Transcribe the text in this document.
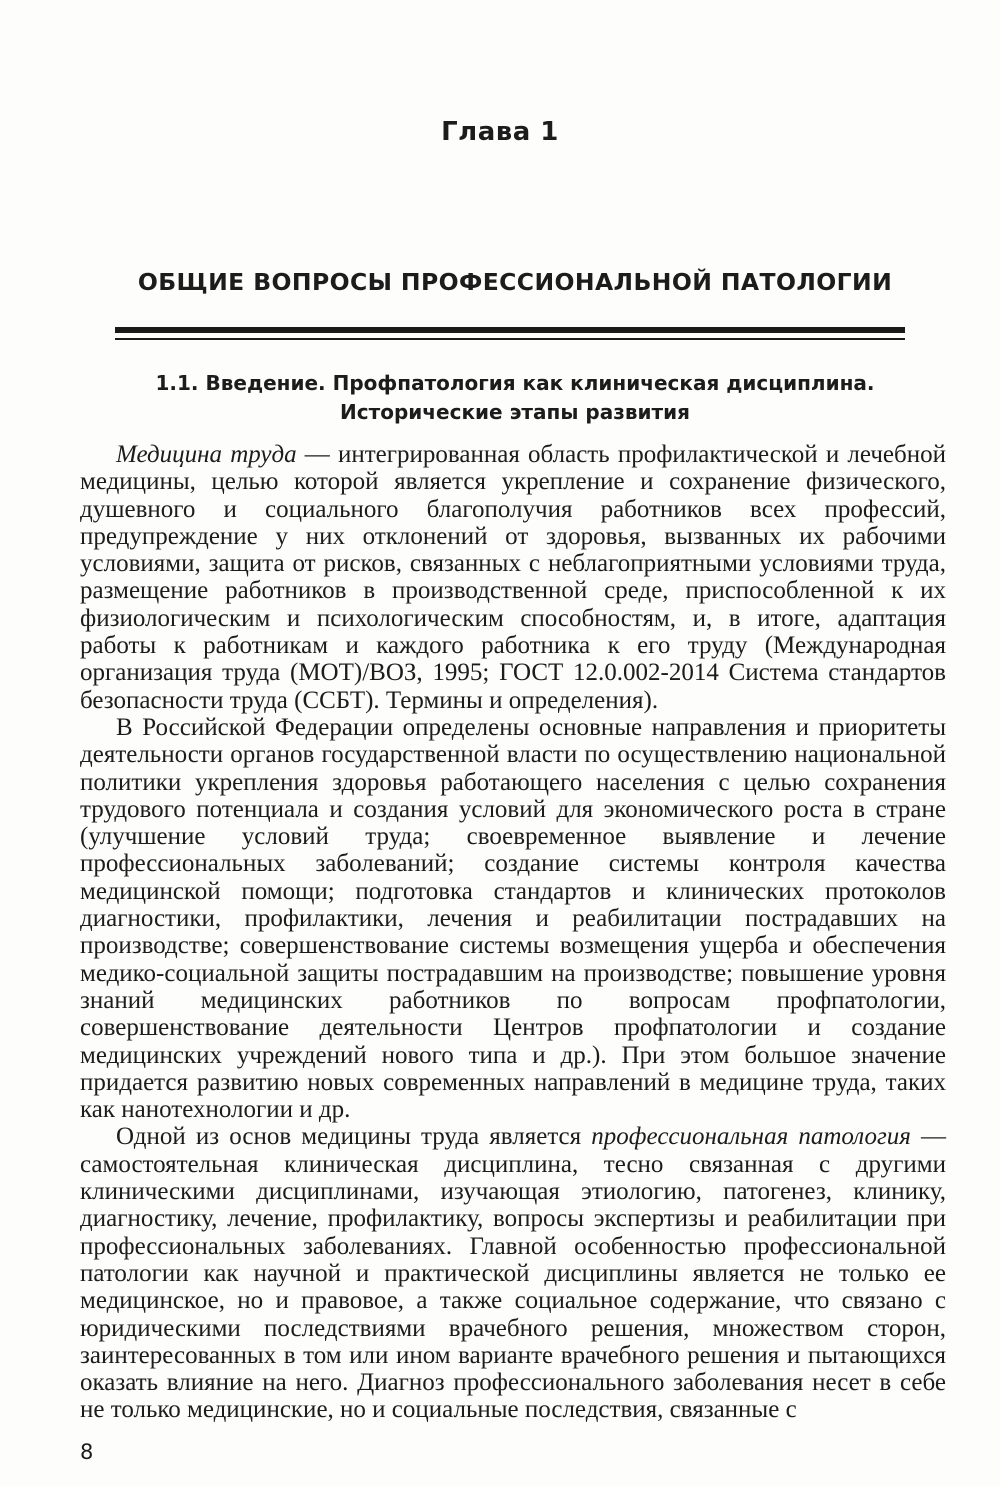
Глава 1
ОБЩИЕ ВОПРОСЫ ПРОФЕССИОНАЛЬНОЙ ПАТОЛОГИИ
1.1. Введение. Профпатология как клиническая дисциплина.
Исторические этапы развития

Медицина труда — интегрированная область профилактической и лечебной медицины, целью которой является укрепление и сохранение физического, душевного и социального благополучия работников всех профессий, предупреждение у них отклонений от здоровья, вызванных их рабочими условиями, защита от рисков, связанных с неблагоприятными условиями труда, размещение работников в производственной среде, приспособленной к их физиологическим и психологическим способностям, и, в итоге, адаптация работы к работникам и каждого работника к его труду (Международная организация труда (МОТ)/ВОЗ, 1995; ГОСТ 12.0.002-2014 Система стандартов безопасности труда (ССБТ). Термины и определения).

В Российской Федерации определены основные направления и приоритеты деятельности органов государственной власти по осуществлению национальной политики укрепления здоровья работающего населения с целью сохранения трудового потенциала и создания условий для экономического роста в стране (улучшение условий труда; своевременное выявление и лечение профессиональных заболеваний; создание системы контроля качества медицинской помощи; подготовка стандартов и клинических протоколов диагностики, профилактики, лечения и реабилитации пострадавших на производстве; совершенствование системы возмещения ущерба и обеспечения медико-социальной защиты пострадавшим на производстве; повышение уровня знаний медицинских работников по вопросам профпатологии, совершенствование деятельности Центров профпатологии и создание медицинских учреждений нового типа и др.). При этом большое значение придается развитию новых современных направлений в медицине труда, таких как нанотехнологии и др.

Одной из основ медицины труда является профессиональная патология — самостоятельная клиническая дисциплина, тесно связанная с другими клиническими дисциплинами, изучающая этиологию, патогенез, клинику, диагностику, лечение, профилактику, вопросы экспертизы и реабилитации при профессиональных заболеваниях. Главной особенностью профессиональной патологии как научной и практической дисциплины является не только ее медицинское, но и правовое, а также социальное содержание, что связано с юридическими последствиями врачебного решения, множеством сторон, заинтересованных в том или ином варианте врачебного решения и пытающихся оказать влияние на него. Диагноз профессионального заболевания несет в себе не только медицинские, но и социальные последствия, связанные с

8
